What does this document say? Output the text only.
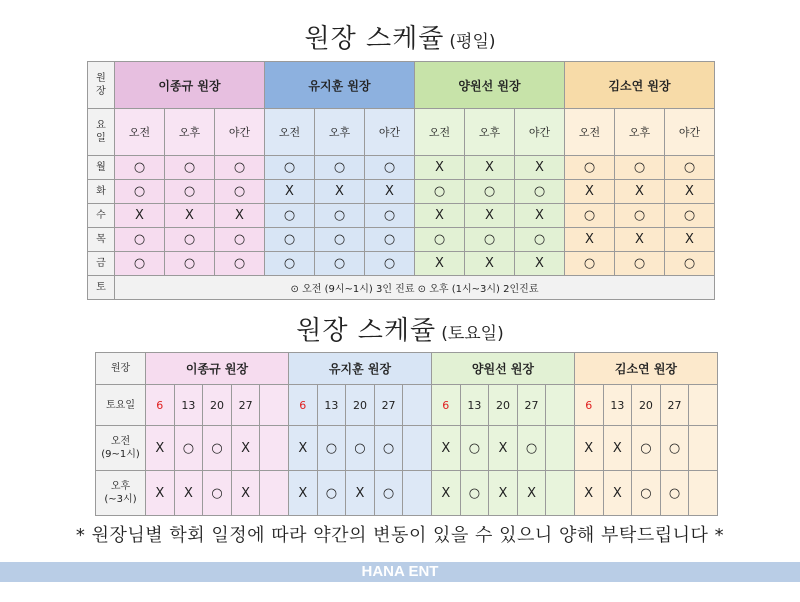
원장 스케쥴 (평일)
원장	이종규 원장			유지훈 원장			양원선 원장			김소연 원장		
요일	오전	오후	야간	오전	오후	야간	오전	오후	야간	오전	오후	야간
월	○	○	○	○	○	○	X	X	X	○	○	○
화	○	○	○	X	X	X	○	○	○	X	X	X
수	X	X	X	○	○	○	X	X	X	○	○	○
목	○	○	○	○	○	○	○	○	○	X	X	X
금	○	○	○	○	○	○	X	X	X	○	○	○
토	⊙ 오전 (9시~1시) 3인 진료 ⊙ 오후 (1시~3시) 2인진료											
원장 스케쥴 (토요일)
원장	이종규 원장					유지훈 원장					양원선 원장					김소연 원장				
토요일	6	13	20	27		6	13	20	27		6	13	20	27		6	13	20	27	

오전
(9~1시)	X	○	○	X		X	○	○	○		X	○	X	○		X	X	○	○	

오후
(~3시)	X	X	○	X		X	○	X	○		X	○	X	X		X	X	○	○	
* 원장님별 학회 일정에 따라 약간의 변동이 있을 수 있으니 양해 부탁드립니다 *
HANA ENT
